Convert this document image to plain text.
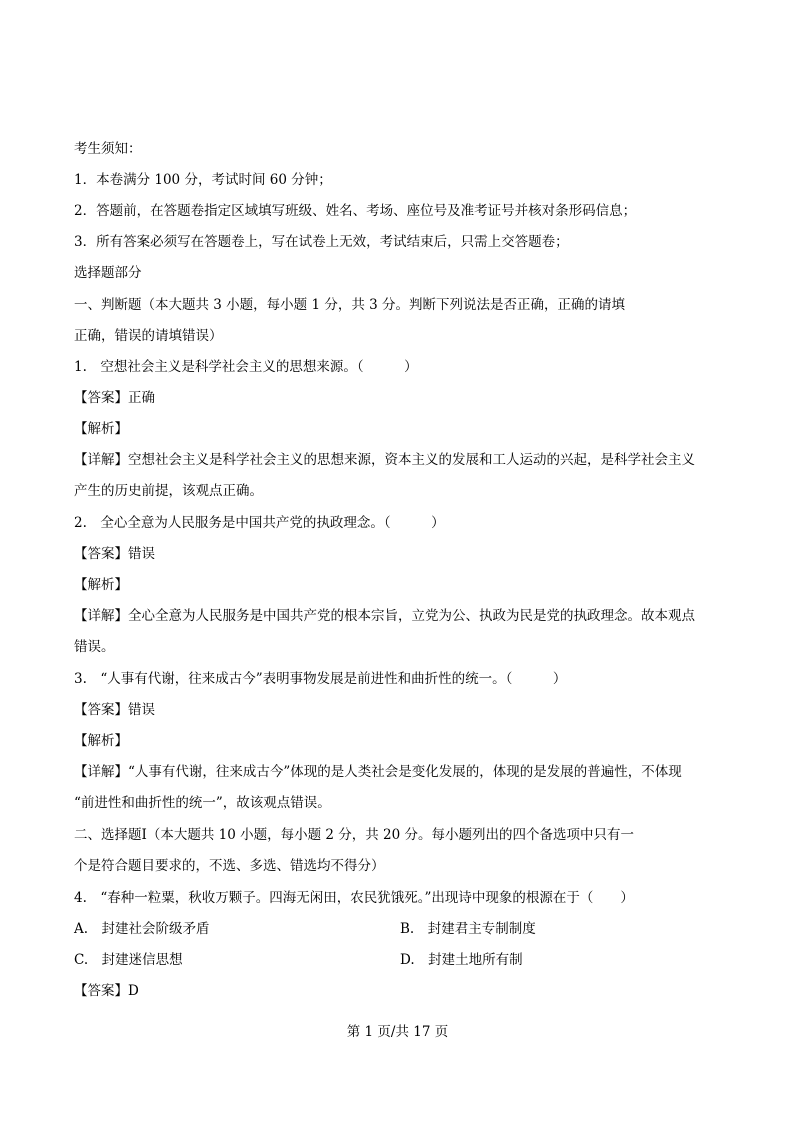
考生须知：
1．本卷满分 100 分，考试时间 60 分钟；
2．答题前，在答题卷指定区域填写班级、姓名、考场、座位号及准考证号并核对条形码信息；
3．所有答案必须写在答题卷上，写在试卷上无效，考试结束后，只需上交答题卷；
选择题部分
一、判断题（本大题共 3 小题，每小题 1 分，共 3 分。判断下列说法是否正确，正确的请填
正确，错误的请填错误）
1.　空想社会主义是科学社会主义的思想来源。（　　　）
【答案】正确
【解析】
【详解】空想社会主义是科学社会主义的思想来源，资本主义的发展和工人运动的兴起，是科学社会主义
产生的历史前提，该观点正确。
2.　全心全意为人民服务是中国共产党的执政理念。（　　　）
【答案】错误
【解析】
【详解】全心全意为人民服务是中国共产党的根本宗旨，立党为公、执政为民是党的执政理念。故本观点
错误。
3.　“人事有代谢，往来成古今”表明事物发展是前进性和曲折性的统一。（　　　）
【答案】错误
【解析】
【详解】“人事有代谢，往来成古今”体现的是人类社会是变化发展的，体现的是发展的普遍性，不体现
“前进性和曲折性的统一”，故该观点错误。
二、选择题Ⅰ（本大题共 10 小题，每小题 2 分，共 20 分。每小题列出的四个备选项中只有一
个是符合题目要求的，不选、多选、错选均不得分）
4.　“春种一粒粟，秋收万颗子。四海无闲田，农民犹饿死。”出现诗中现象的根源在于（　　）
A.　封建社会阶级矛盾	B.　封建君主专制制度
C.　封建迷信思想	D.　封建土地所有制
【答案】D
第 1 页/共 17 页
